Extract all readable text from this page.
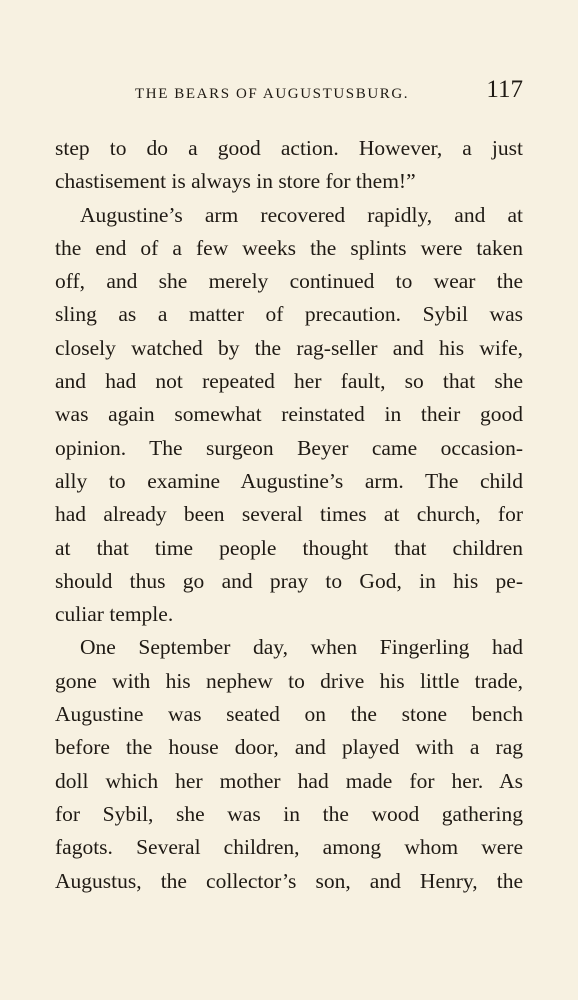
THE BEARS OF AUGUSTUSBURG.	117
step to do a good action. However, a just
chastisement is always in store for them!”
Augustine’s arm recovered rapidly, and at
the end of a few weeks the splints were taken
off, and she merely continued to wear the
sling as a matter of precaution. Sybil was
closely watched by the rag-seller and his wife,
and had not repeated her fault, so that she
was again somewhat reinstated in their good
opinion. The surgeon Beyer came occasion-
ally to examine Augustine’s arm. The child
had already been several times at church, for
at that time people thought that children
should thus go and pray to God, in his pe-
culiar temple.
One September day, when Fingerling had
gone with his nephew to drive his little trade,
Augustine was seated on the stone bench
before the house door, and played with a rag
doll which her mother had made for her. As
for Sybil, she was in the wood gathering
fagots. Several children, among whom were
Augustus, the collector’s son, and Henry, the
